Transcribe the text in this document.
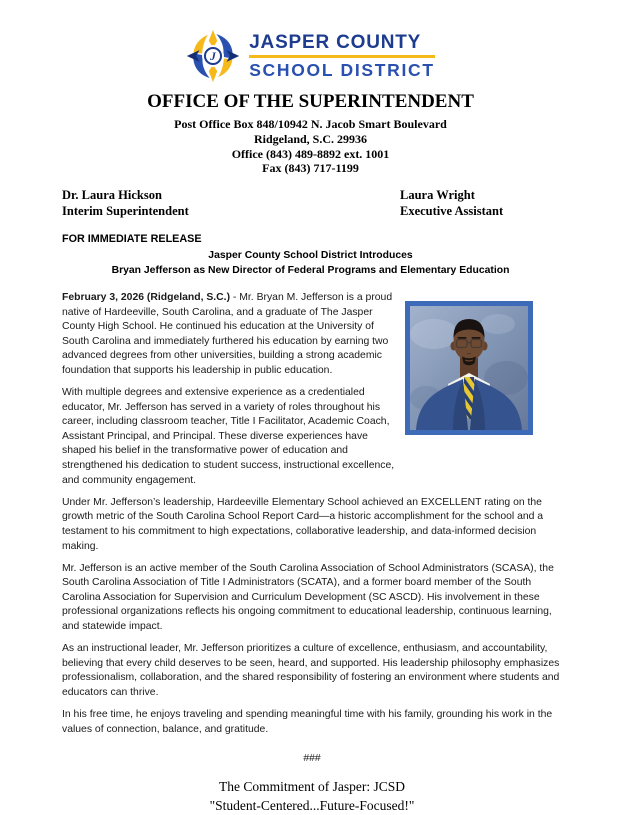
J
JASPER COUNTY
SCHOOL DISTRICT
OFFICE OF THE SUPERINTENDENT
Post Office Box 848/10942 N. Jacob Smart Boulevard
Ridgeland, S.C. 29936
Office (843) 489-8892 ext. 1001
Fax (843) 717-1199
Dr. Laura Hickson
Interim Superintendent
Laura Wright
Executive Assistant
FOR IMMEDIATE RELEASE
Jasper County School District Introduces
Bryan Jefferson as New Director of Federal Programs and Elementary Education

February 3, 2026 (Ridgeland, S.C.) - Mr. Bryan M. Jefferson is a proud native of Hardeeville, South Carolina, and a graduate of The Jasper County High School. He continued his education at the University of South Carolina and immediately furthered his education by earning two advanced degrees from other universities, building a strong academic foundation that supports his leadership in public education.

With multiple degrees and extensive experience as a credentialed educator, Mr. Jefferson has served in a variety of roles throughout his career, including classroom teacher, Title I Facilitator, Academic Coach, Assistant Principal, and Principal. These diverse experiences have shaped his belief in the transformative power of education and strengthened his dedication to student success, instructional excellence, and community engagement.

Under Mr. Jefferson’s leadership, Hardeeville Elementary School achieved an EXCELLENT rating on the growth metric of the South Carolina School Report Card—a historic accomplishment for the school and a testament to his commitment to high expectations, collaborative leadership, and data-informed decision making.

Mr. Jefferson is an active member of the South Carolina Association of School Administrators (SCASA), the South Carolina Association of Title I Administrators (SCATA), and a former board member of the South Carolina Association for Supervision and Curriculum Development (SC ASCD). His involvement in these professional organizations reflects his ongoing commitment to educational leadership, continuous learning, and statewide impact.

As an instructional leader, Mr. Jefferson prioritizes a culture of excellence, enthusiasm, and accountability, believing that every child deserves to be seen, heard, and supported. His leadership philosophy emphasizes professionalism, collaboration, and the shared responsibility of fostering an environment where students and educators can thrive.

In his free time, he enjoys traveling and spending meaningful time with his family, grounding his work in the values of connection, balance, and gratitude.

###
The Commitment of Jasper: JCSD
"Student-Centered...Future-Focused!"
